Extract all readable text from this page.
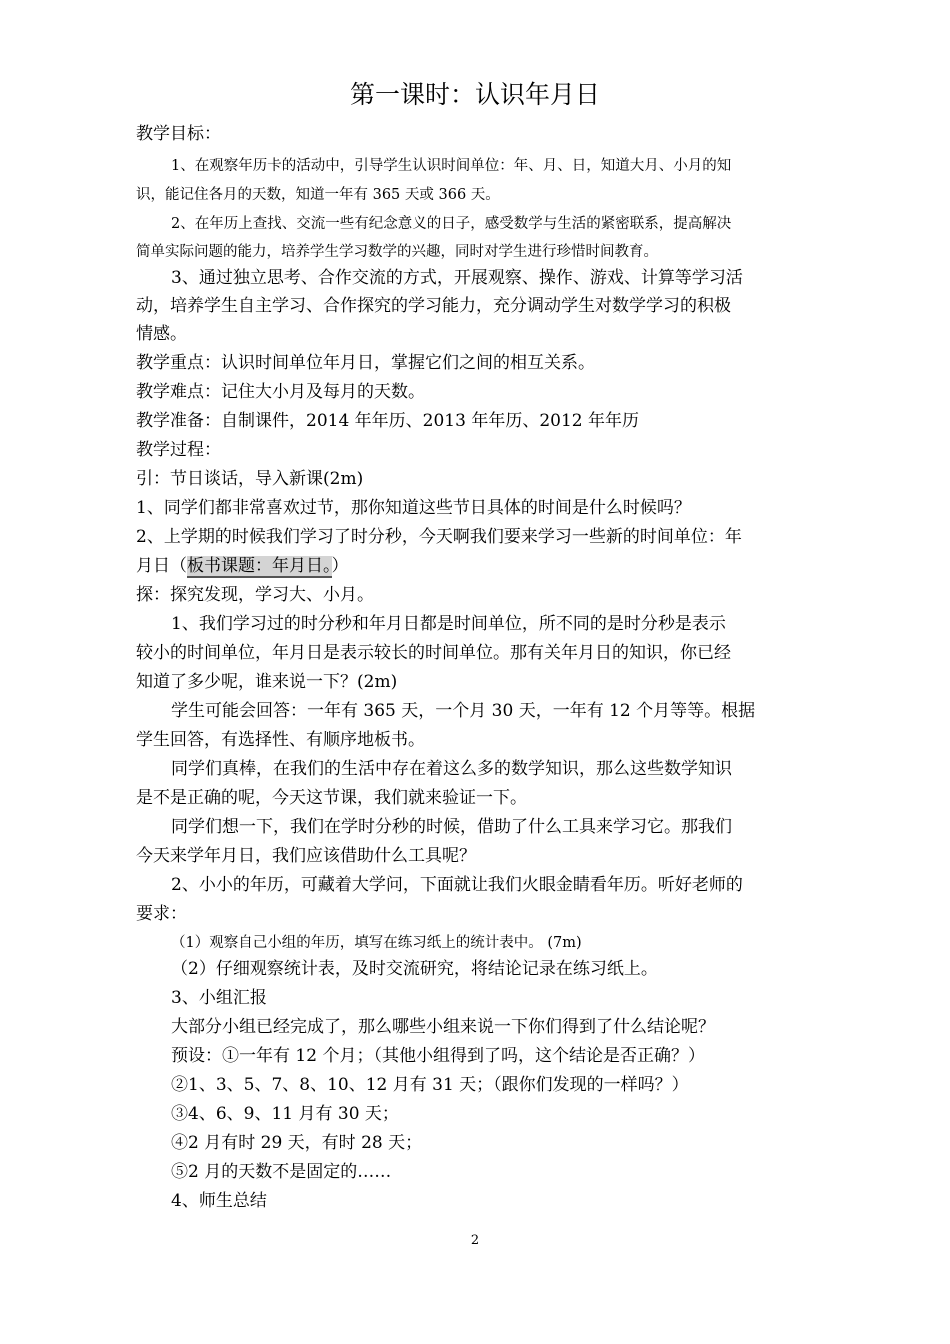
第一课时：认识年月日
教学目标：
1、在观察年历卡的活动中，引导学生认识时间单位：年、月、日，知道大月、小月的知
识，能记住各月的天数，知道一年有 365 天或 366 天。
2、在年历上查找、交流一些有纪念意义的日子，感受数学与生活的紧密联系，提高解决
简单实际问题的能力，培养学生学习数学的兴趣，同时对学生进行珍惜时间教育。
3、通过独立思考、合作交流的方式，开展观察、操作、游戏、计算等学习活
动，培养学生自主学习、合作探究的学习能力，充分调动学生对数学学习的积极
情感。
教学重点：认识时间单位年月日，掌握它们之间的相互关系。
教学难点：记住大小月及每月的天数。
教学准备：自制课件，2014 年年历、2013 年年历、2012 年年历
教学过程：
引：节日谈话，导入新课(2m)
1、同学们都非常喜欢过节，那你知道这些节日具体的时间是什么时候吗？
2、上学期的时候我们学习了时分秒，今天啊我们要来学习一些新的时间单位：年
月日（板书课题：年月日。）
探：探究发现，学习大、小月。
1、我们学习过的时分秒和年月日都是时间单位，所不同的是时分秒是表示
较小的时间单位，年月日是表示较长的时间单位。那有关年月日的知识，你已经
知道了多少呢，谁来说一下？(2m)
学生可能会回答：一年有 365 天，一个月 30 天，一年有 12 个月等等。根据
学生回答，有选择性、有顺序地板书。
同学们真棒，在我们的生活中存在着这么多的数学知识，那么这些数学知识
是不是正确的呢，今天这节课，我们就来验证一下。
同学们想一下，我们在学时分秒的时候，借助了什么工具来学习它。那我们
今天来学年月日，我们应该借助什么工具呢？
2、小小的年历，可藏着大学问，下面就让我们火眼金睛看年历。听好老师的
要求：
（1）观察自己小组的年历，填写在练习纸上的统计表中。 (7m)
（2）仔细观察统计表，及时交流研究，将结论记录在练习纸上。
3、小组汇报
大部分小组已经完成了，那么哪些小组来说一下你们得到了什么结论呢？
预设：①一年有 12 个月；（其他小组得到了吗，这个结论是否正确？）
②1、3、5、7、8、10、12 月有 31 天；（跟你们发现的一样吗？）
③4、6、9、11 月有 30 天；
④2 月有时 29 天，有时 28 天；
⑤2 月的天数不是固定的……
4、师生总结
2
